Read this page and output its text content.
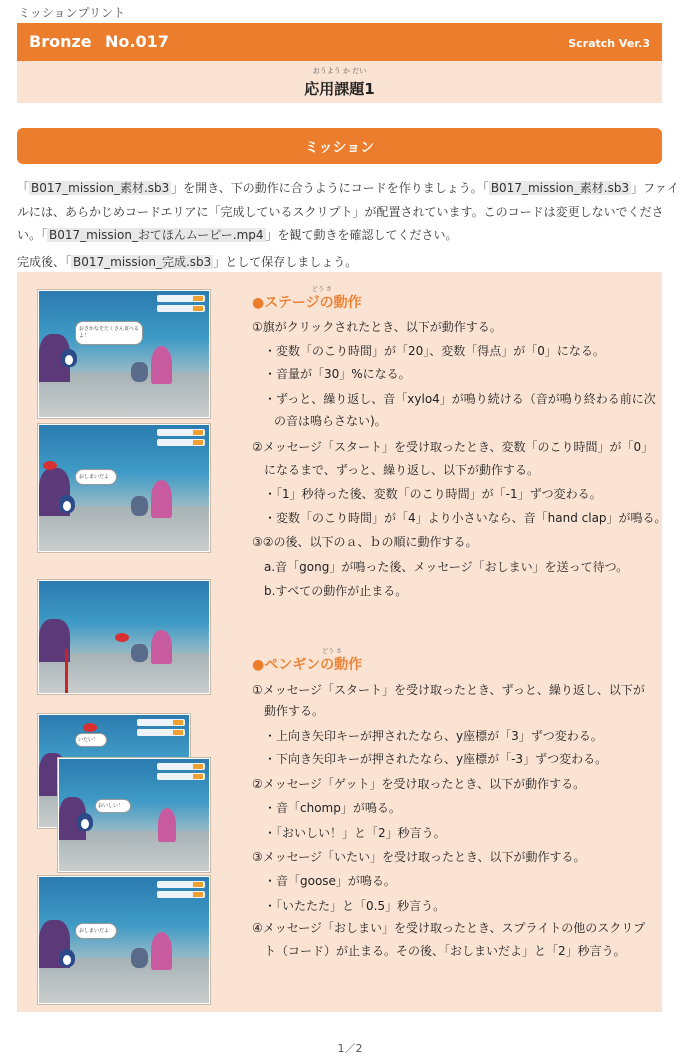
ミッションプリント
Bronze No.017	Scratch Ver.3
おうよう か だい
応用課題1
ミッション
「 B017_mission_素材.sb3 」を開き、下の動作に合うようにコードを作りましょう。「 B017_mission_素材.sb3 」ファイ
ルには、あらかじめコードエリアに「完成しているスクリプト」が配置されています。このコードは変更しないでくださ
い。「 B017_mission_おてほんムービー.mp4 」を観て動きを確認してください。
完成後、「 B017_mission_完成.sb3 」として保存しましょう。
おさかなをたくさん食べるよ！
おしまいだよ
いたい！
おいしい！
おしまいだよ
どう さ
●ステージの動作
①旗がクリックされたとき、以下が動作する。
・変数「のこり時間」が「20」、変数「得点」が「0」になる。
・音量が「30」%になる。
・ずっと、繰り返し、音「xylo4」が鳴り続ける（音が鳴り終わる前に次
の音は鳴らさない)。
②メッセージ「スタート」を受け取ったとき、変数「のこり時間」が「0」
になるまで、ずっと、繰り返し、以下が動作する。
・「1」秒待った後、変数「のこり時間」が「-1」ずつ変わる。
・変数「のこり時間」が「4」より小さいなら、音「hand clap」が鳴る。
③②の後、以下のａ、ｂの順に動作する。
a.音「gong」が鳴った後、メッセージ「おしまい」を送って待つ。
b.すべての動作が止まる。
どう さ
●ペンギンの動作
①メッセージ「スタート」を受け取ったとき、ずっと、繰り返し、以下が
動作する。
・上向き矢印キーが押されたなら、y座標が「3」ずつ変わる。
・下向き矢印キーが押されたなら、y座標が「-3」ずつ変わる。
②メッセージ「ゲット」を受け取ったとき、以下が動作する。
・音「chomp」が鳴る。
・「おいしい！」と「2」秒言う。
③メッセージ「いたい」を受け取ったとき、以下が動作する。
・音「goose」が鳴る。
・「いたたた」と「0.5」秒言う。
④メッセージ「おしまい」を受け取ったとき、スプライトの他のスクリプ
ト（コード）が止まる。その後、「おしまいだよ」と「2」秒言う。
1／2
